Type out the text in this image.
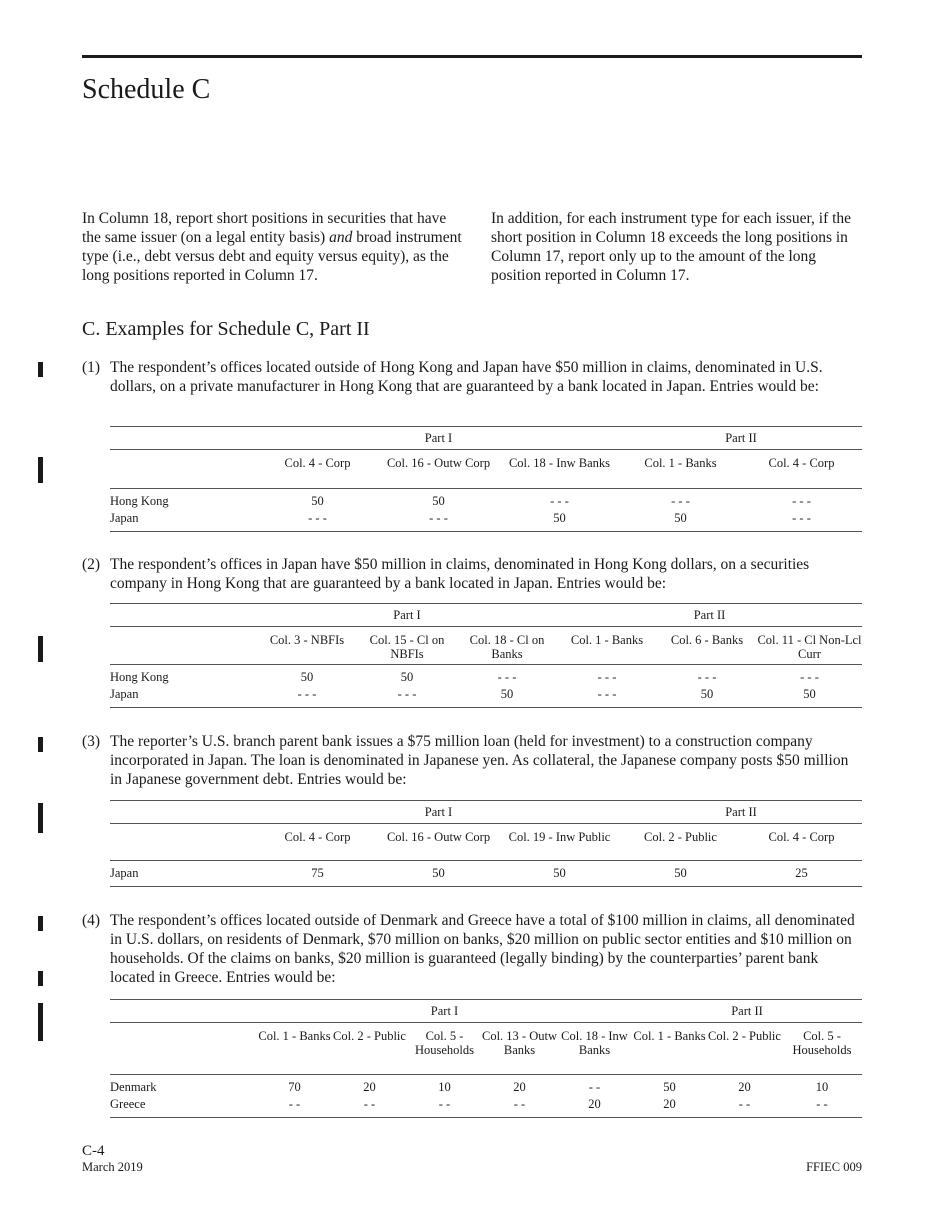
Schedule C

In Column 18, report short positions in securities that have the same issuer (on a legal entity basis) and broad instrument type (i.e., debt versus debt and equity versus equity), as the long positions reported in Column 17.

In addition, for each instrument type for each issuer, if the short position in Column 18 exceeds the long positions in Column 17, report only up to the amount of the long position reported in Column 17.

C. Examples for Schedule C, Part II
(1) The respondent’s offices located outside of Hong Kong and Japan have $50 million in claims, denominated in U.S. dollars, on a private manufacturer in Hong Kong that are guaranteed by a bank located in Japan. Entries would be:

	Part I			Part II	
	Col. 4 - Corp	Col. 16 - Outw Corp	Col. 18 - Inw Banks	Col. 1 - Banks	Col. 4 - Corp
Hong Kong	50	50	- - -	- - -	- - -
Japan	- - -	- - -	50	50	- - -
(2) The respondent’s offices in Japan have $50 million in claims, denominated in Hong Kong dollars, on a securities company in Hong Kong that are guaranteed by a bank located in Japan. Entries would be:

	Part I			Part II		
	Col. 3 - NBFIs	Col. 15 - Cl on NBFIs	Col. 18 - Cl on Banks	Col. 1 - Banks	Col. 6 - Banks	Col. 11 - Cl Non-Lcl Curr
Hong Kong	50	50	- - -	- - -	- - -	- - -
Japan	- - -	- - -	50	- - -	50	50
(3) The reporter’s U.S. branch parent bank issues a $75 million loan (held for investment) to a construction company incorporated in Japan. The loan is denominated in Japanese yen. As collateral, the Japanese company posts $50 million in Japanese government debt. Entries would be:

	Part I			Part II	
	Col. 4 - Corp	Col. 16 - Outw Corp	Col. 19 - Inw Public	Col. 2 - Public	Col. 4 - Corp
Japan	75	50	50	50	25
(4) The respondent’s offices located outside of Denmark and Greece have a total of $100 million in claims, all denominated in U.S. dollars, on residents of Denmark, $70 million on banks, $20 million on public sector entities and $10 million on households. Of the claims on banks, $20 million is guaranteed (legally binding) by the counterparties’ parent bank located in Greece. Entries would be:

	Part I					Part II		
	Col. 1 - Banks	Col. 2 - Public	Col. 5 - Households	Col. 13 - Outw Banks	Col. 18 - Inw Banks	Col. 1 - Banks	Col. 2 - Public	Col. 5 - Households
Denmark	70	20	10	20	- -	50	20	10
Greece	- -	- -	- -	- -	20	20	- -	- -
C-4
March 2019	FFIEC 009
